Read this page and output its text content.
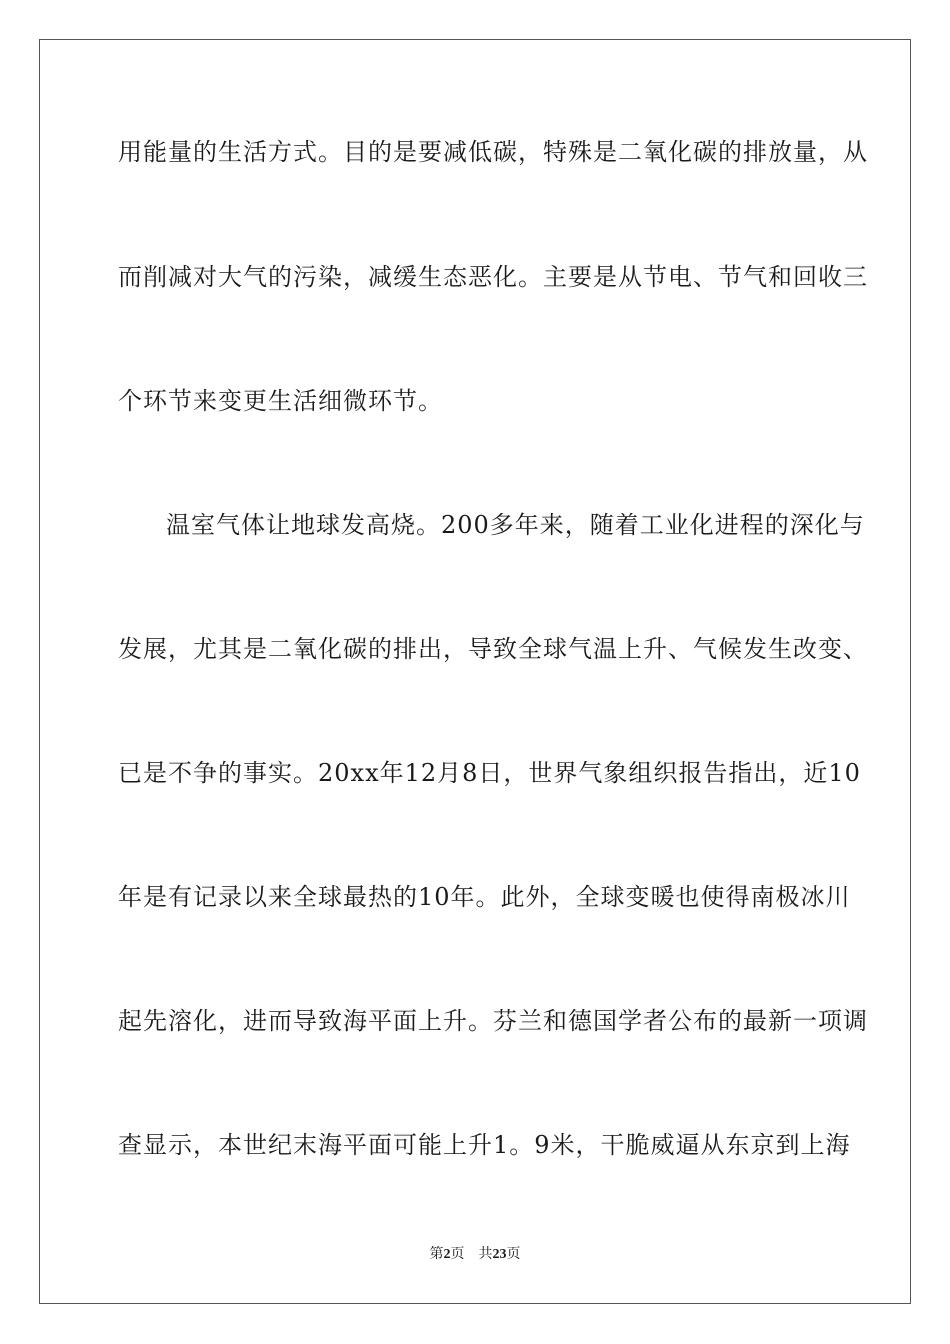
用能量的生活方式。目的是要减低碳，特殊是二氧化碳的排放量，从
而削减对大气的污染，减缓生态恶化。主要是从节电、节气和回收三
个环节来变更生活细微环节。
温室气体让地球发高烧。200多年来，随着工业化进程的深化与
发展，尤其是二氧化碳的排出，导致全球气温上升、气候发生改变、
已是不争的事实。20xx年12月8日，世界气象组织报告指出，近10
年是有记录以来全球最热的10年。此外，全球变暖也使得南极冰川
起先溶化，进而导致海平面上升。芬兰和德国学者公布的最新一项调
查显示，本世纪末海平面可能上升1。9米，干脆威逼从东京到上海
第2页 共23页
